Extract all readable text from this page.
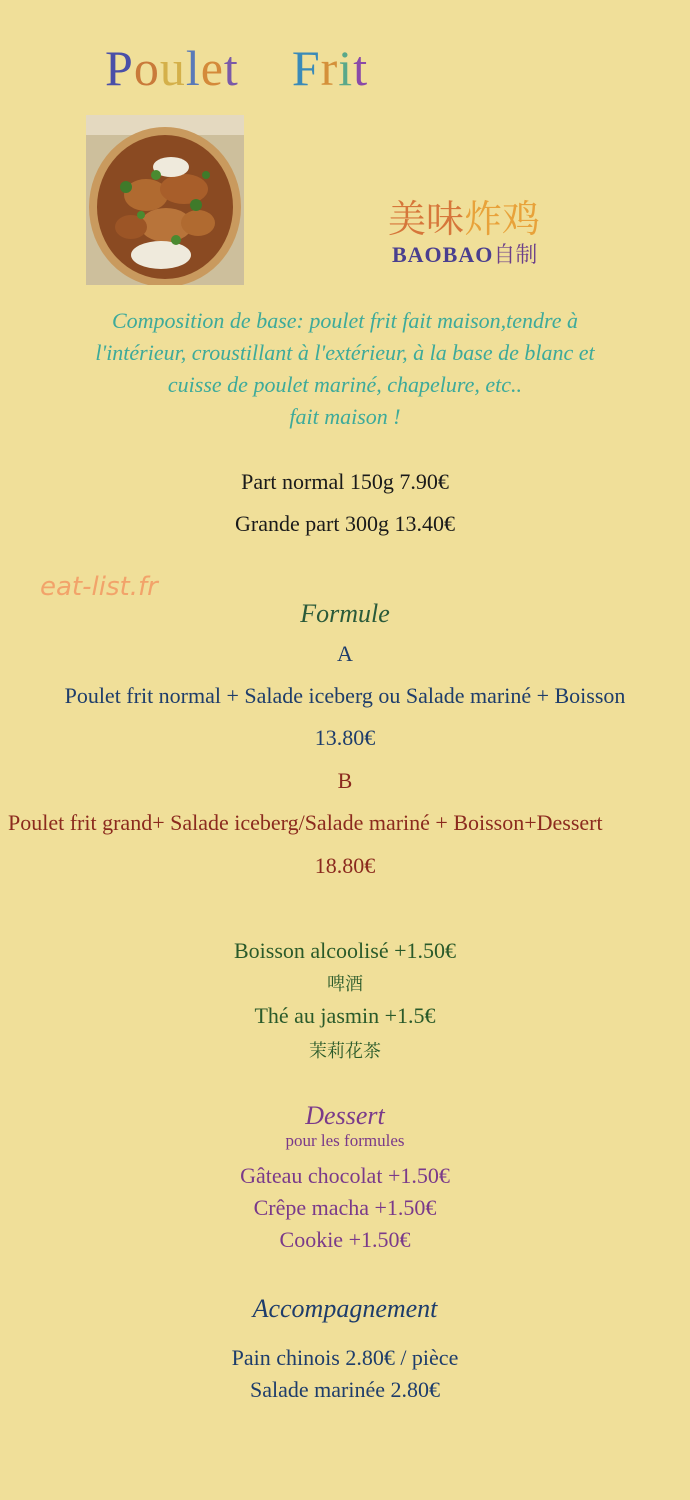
Poulet Frit
美味炸鸡
BAOBAO自制
Composition de base: poulet frit fait maison,tendre à
l'intérieur, croustillant à l'extérieur, à la base de blanc et
cuisse de poulet mariné, chapelure, etc..
fait maison !
Part normal 150g 7.90€
Grande part 300g 13.40€
eat-list.fr
Formule
A
Poulet frit normal + Salade iceberg ou Salade mariné + Boisson
13.80€
B
Poulet frit grand+ Salade iceberg/Salade mariné + Boisson+Dessert
18.80€
Boisson alcoolisé +1.50€
啤酒
Thé au jasmin +1.5€
茉莉花茶
Dessert
pour les formules
Gâteau chocolat +1.50€
Crêpe macha +1.50€
Cookie +1.50€
Accompagnement
Pain chinois 2.80€ / pièce
Salade marinée 2.80€
